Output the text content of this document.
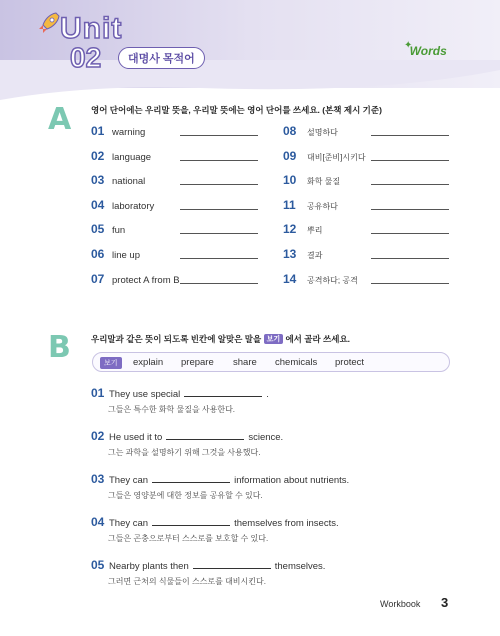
Unit
02	대명사 목적어
✦
Words
A 영어 단어에는 우리말 뜻을, 우리말 뜻에는 영어 단어를 쓰세요. (본책 제시 기준)
01 warning
02 language
03 national
04 laboratory
05 fun
06 line up
07 protect A from B
08	설명하다
09	대비[준비]시키다
10	화학 물질
11	공유하다
12	뿌리
13	결과
14	공격하다; 공격
B 우리말과 같은 뜻이 되도록 빈칸에 알맞은 말을 보기 에서 골라 쓰세요.
보기	explain prepare share chemicals protect
01 They use special	.
그들은 특수한 화학 물질을 사용한다.
02 He used it to	science.
그는 과학을 설명하기 위해 그것을 사용했다.
03 They can	information about nutrients.
그들은 영양분에 대한 정보를 공유할 수 있다.
04 They can	themselves from insects.
그들은 곤충으로부터 스스로를 보호할 수 있다.
05 Nearby plants then	themselves.
그러면 근처의 식물들이 스스로를 대비시킨다.
Workbook 3
